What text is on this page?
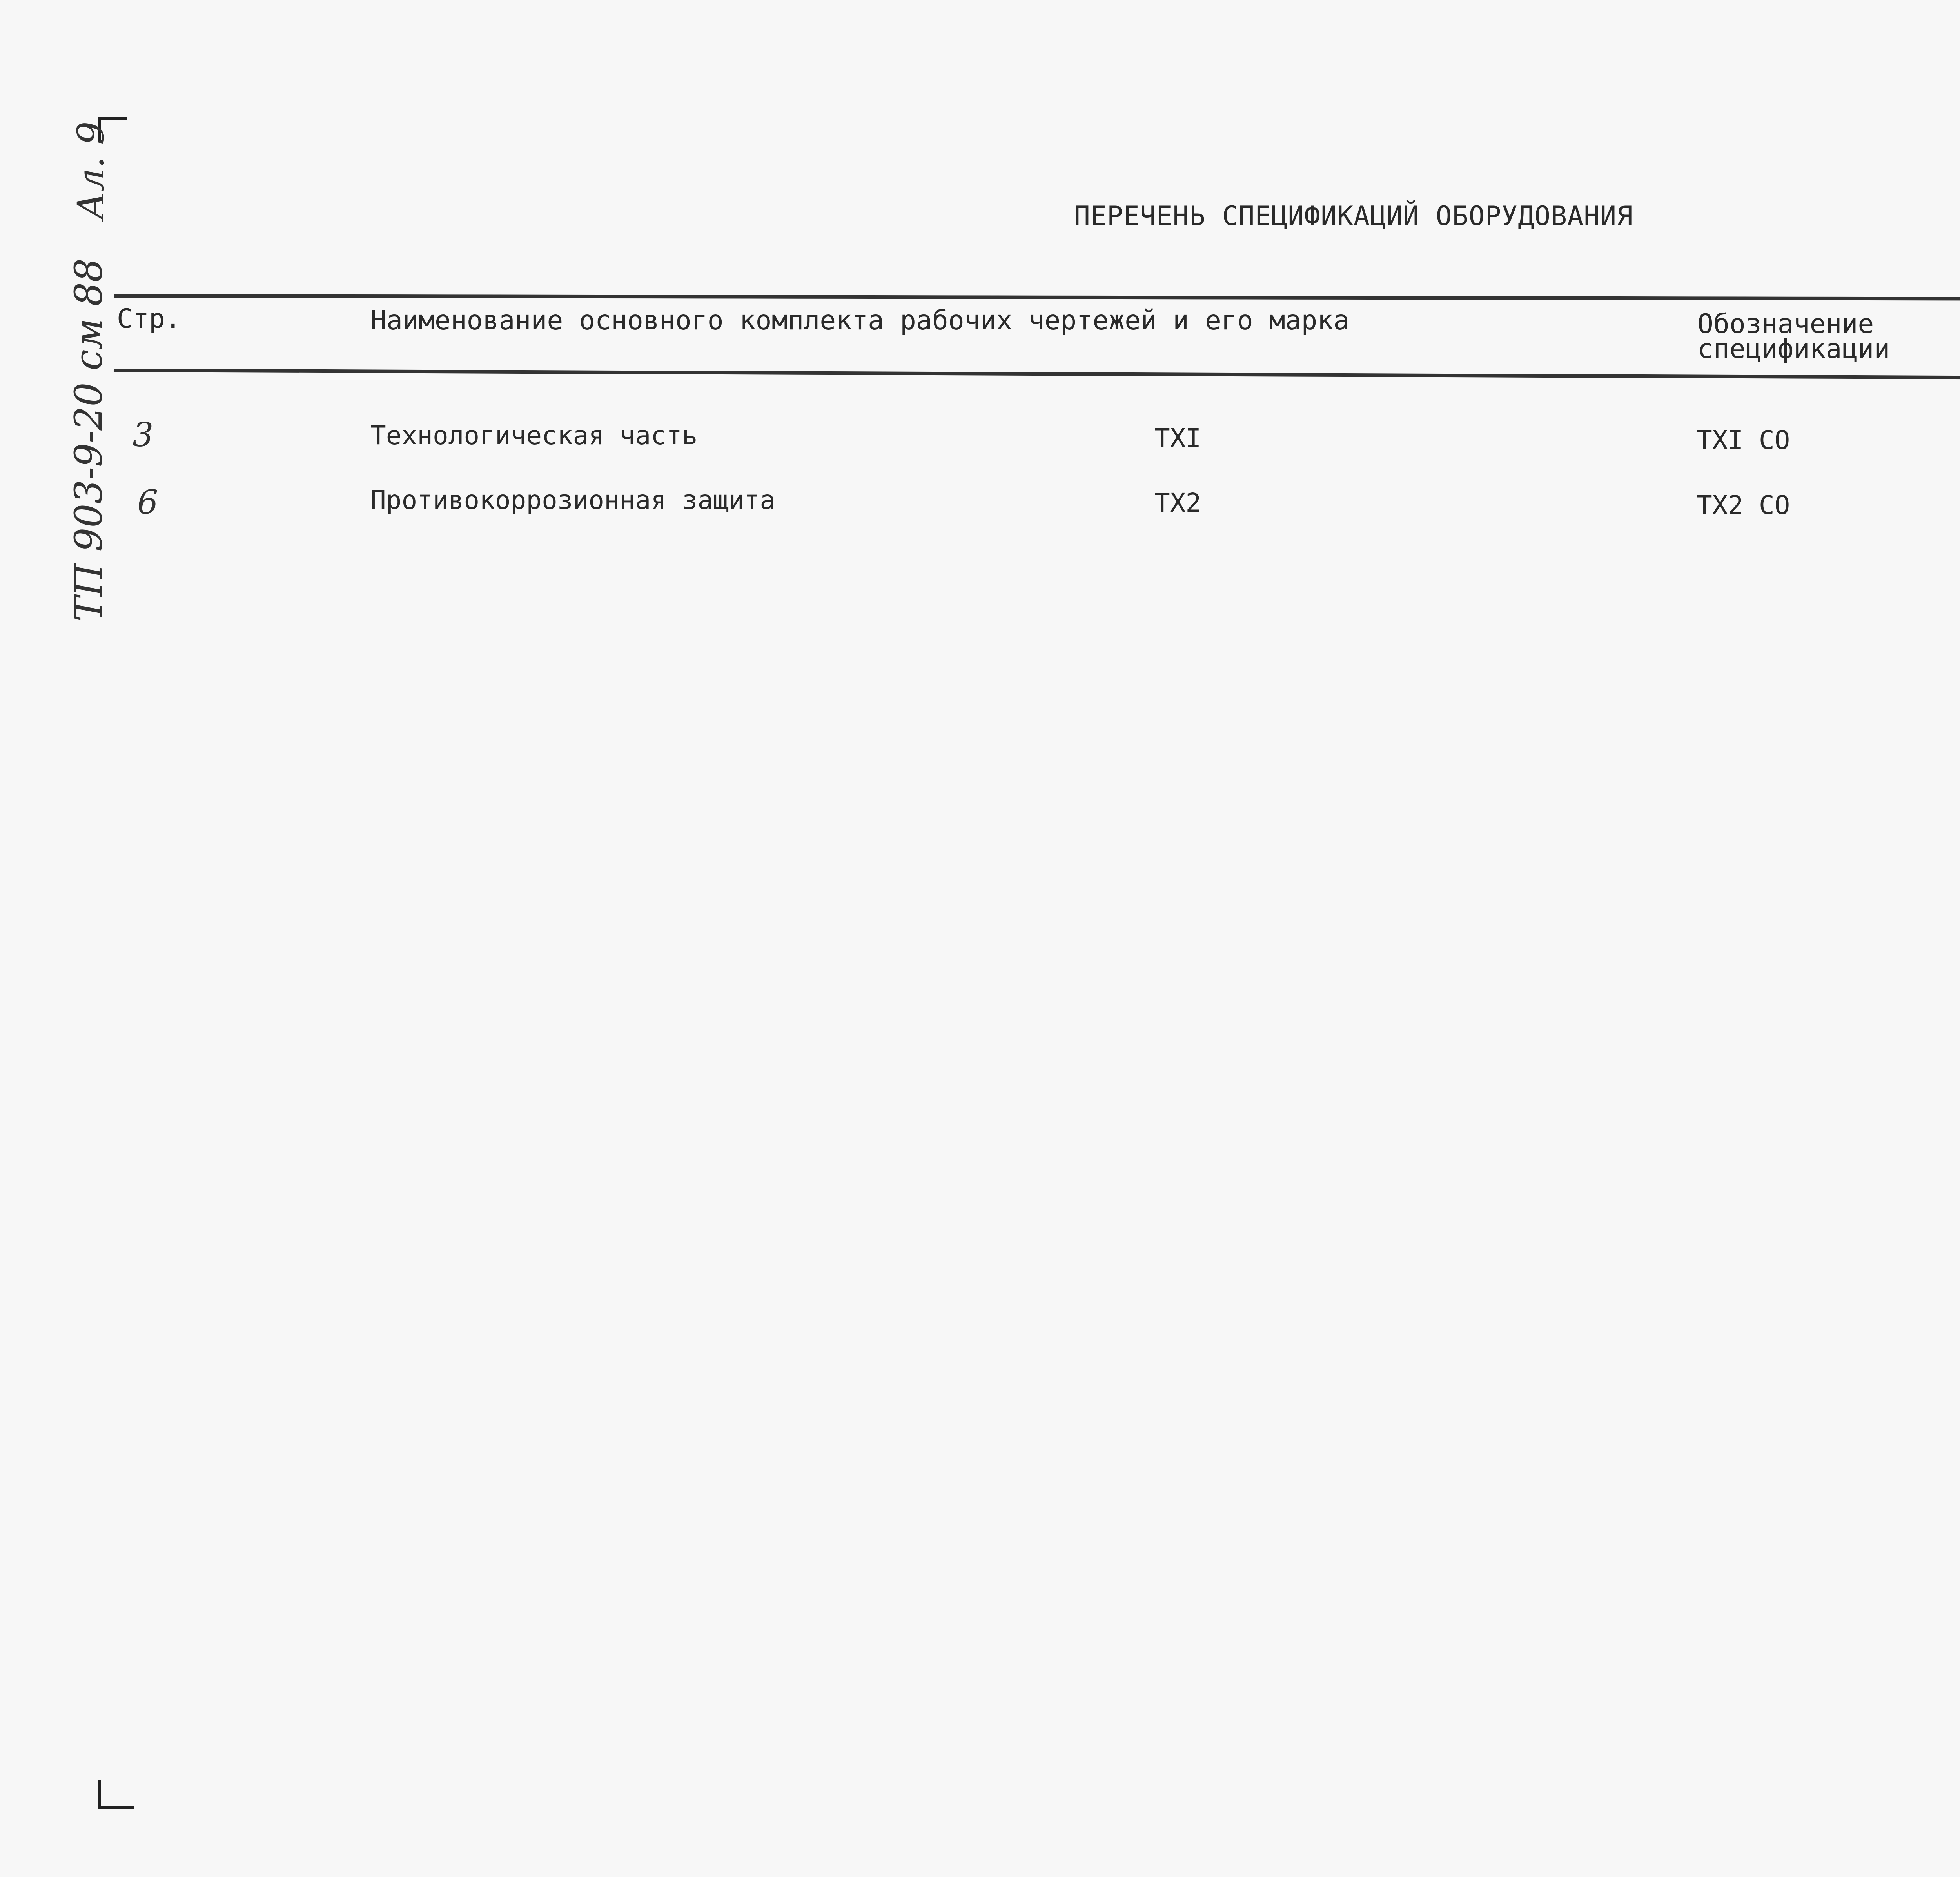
Ал. 9
ТП 903-9-20 см 88
ПЕРЕЧЕНЬ СПЕЦИФИКАЦИЙ ОБОРУДОВАНИЯ
Стр.	Наименование основного комплекта рабочих чертежей и его марка	Обозначение
спецификации
3	Технологическая часть	ТХI	ТХI СО
6	Противокоррозионная защита	ТХ2	ТХ2 СО
